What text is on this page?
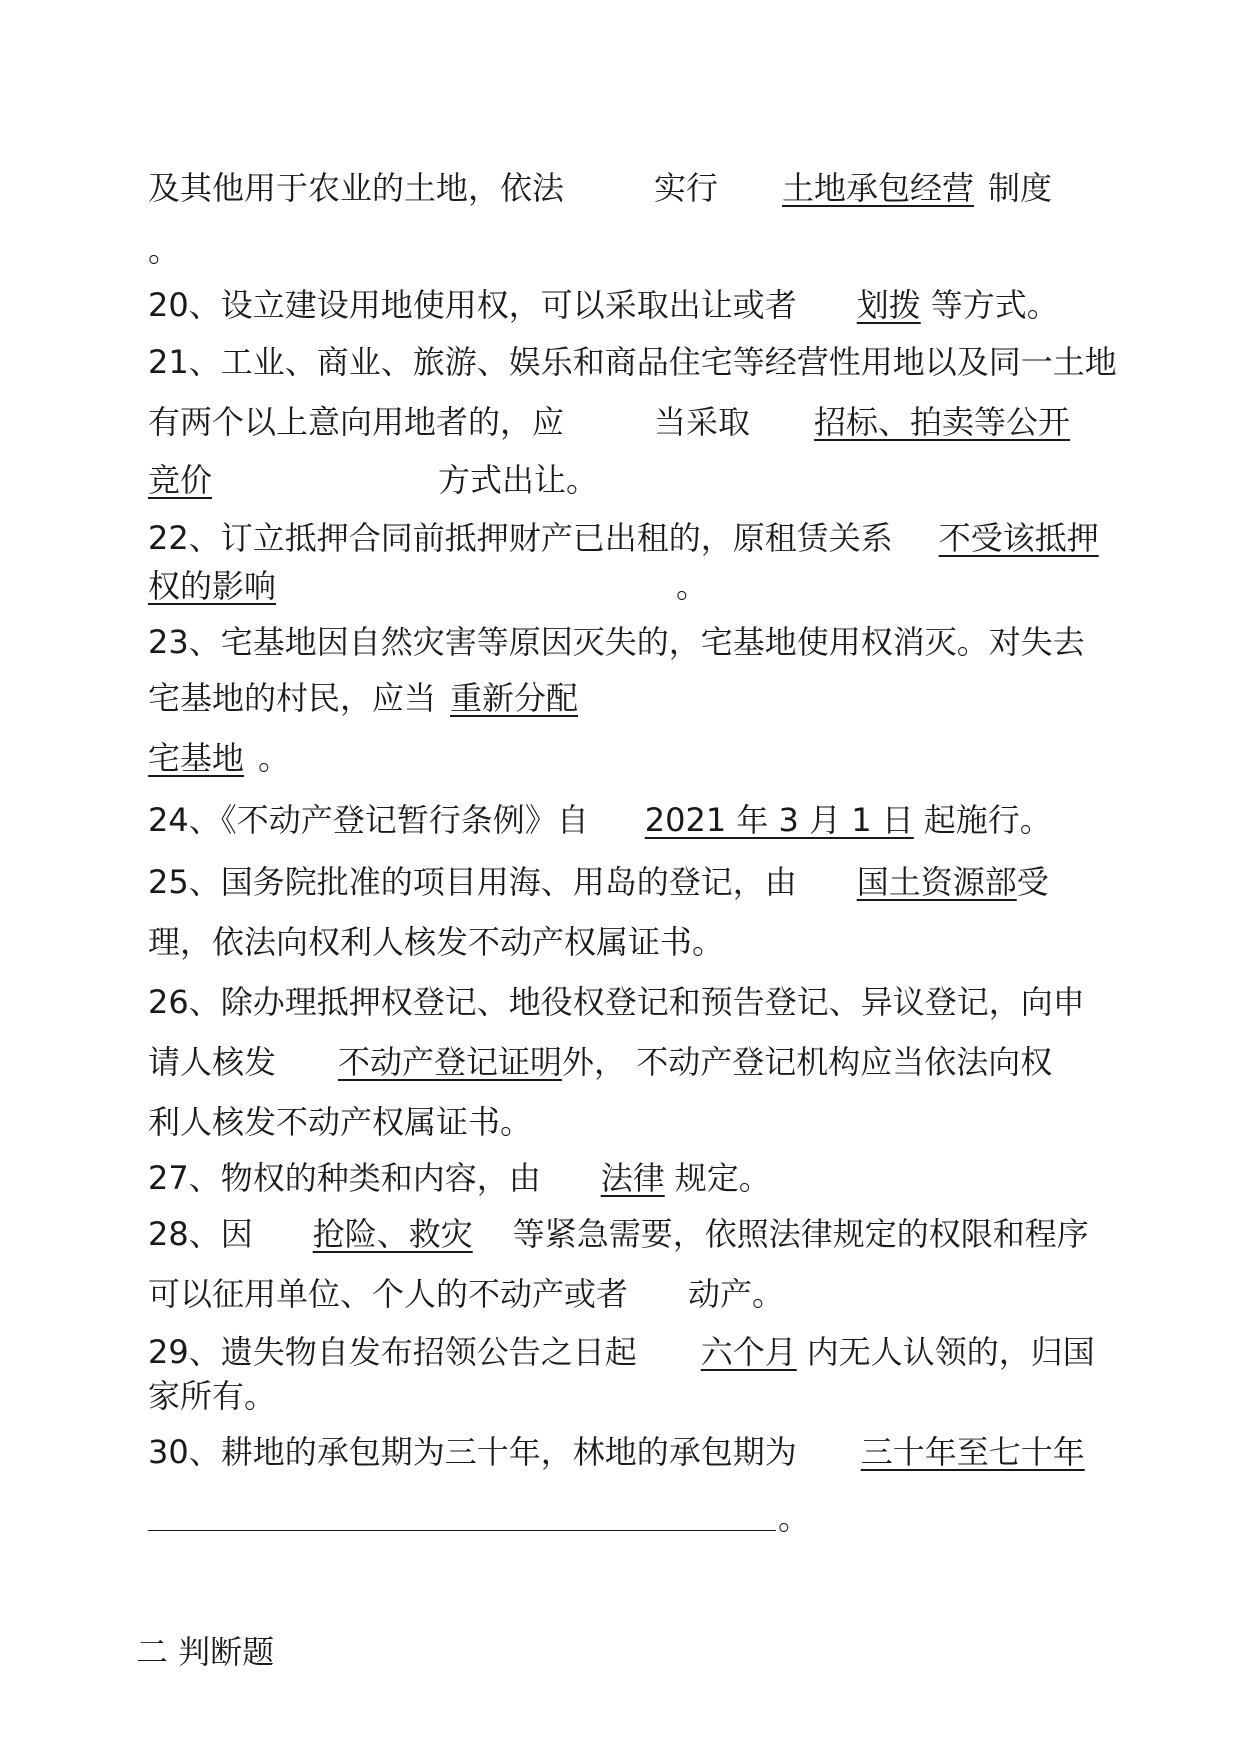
及其他用于农业的土地，依法	实行 土地承包经营 制度
。
20、设立建设用地使用权，可以采取出让或者 划拨 等方式。
21、工业、商业、旅游、娱乐和商品住宅等经营性用地以及同一土地
有两个以上意向用地者的，应	当采取 招标、拍卖等公开
竞价	方式出让。
22、订立抵押合同前抵押财产已出租的，原租赁关系 不受该抵押
权的影响	。
23、宅基地因自然灾害等原因灭失的，宅基地使用权消灭。对失去
宅基地的村民，应当 重新分配
宅基地 。
24、《不动产登记暂行条例》自 2021 年 3 月 1 日 起施行。
25、国务院批准的项目用海、用岛的登记，由 国土资源部受
理，依法向权利人核发不动产权属证书。
26、除办理抵押权登记、地役权登记和预告登记、异议登记，向申
请人核发 不动产登记证明外， 不动产登记机构应当依法向权
利人核发不动产权属证书。
27、物权的种类和内容，由 法律 规定。
28、因 抢险、救灾 等紧急需要，依照法律规定的权限和程序
可以征用单位、个人的不动产或者 动产。
29、遗失物自发布招领公告之日起 六个月 内无人认领的，归国
家所有。
30、耕地的承包期为三十年，林地的承包期为 三十年至七十年
。
二 判断题
